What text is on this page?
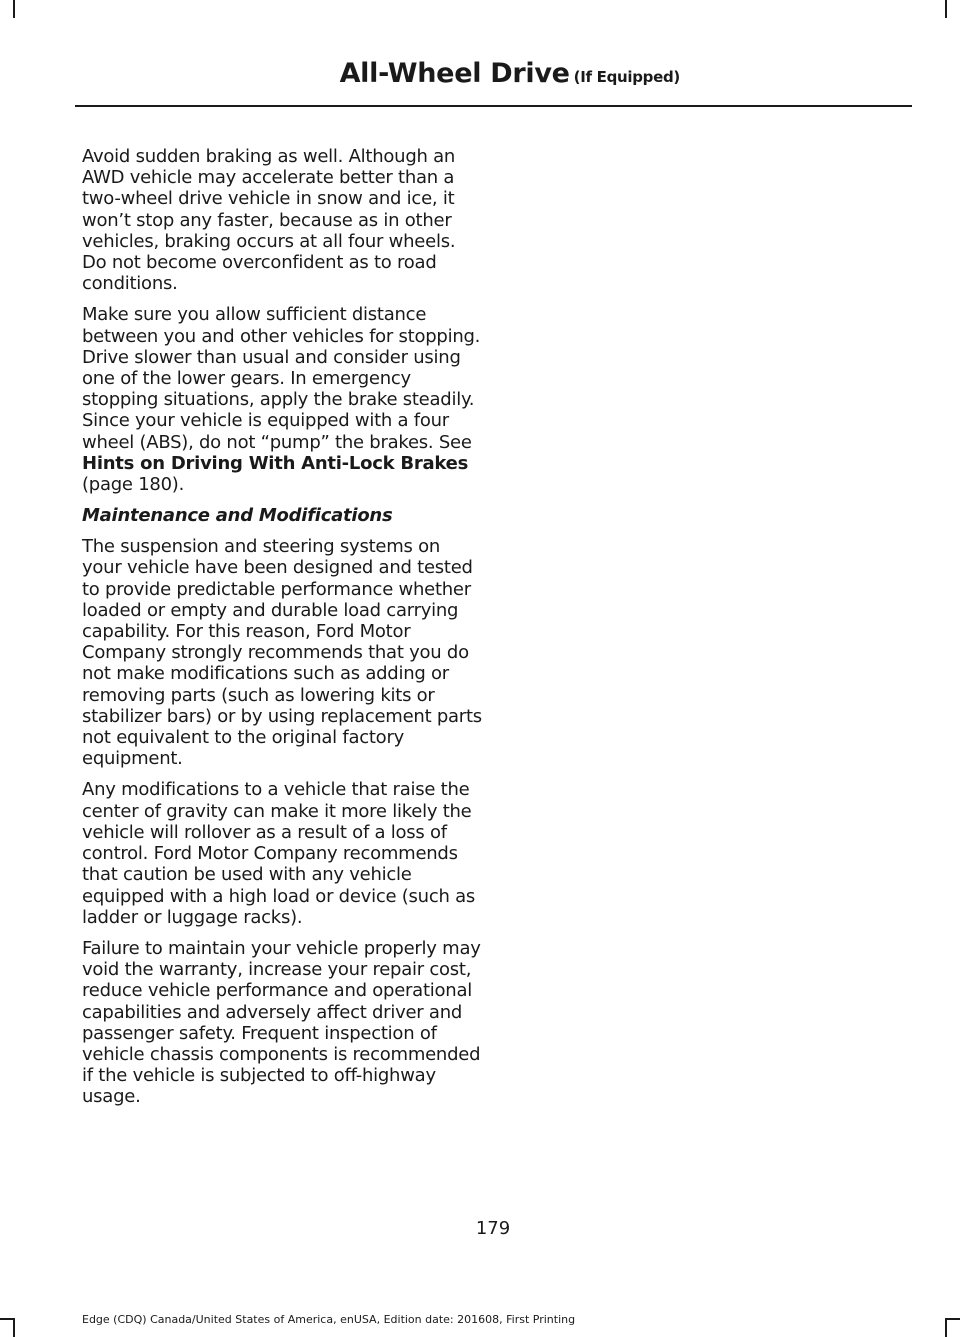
All-Wheel Drive (If Equipped)

Avoid sudden braking as well. Although an AWD vehicle may accelerate better than a two-wheel drive vehicle in snow and ice, it won’t stop any faster, because as in other vehicles, braking occurs at all four wheels. Do not become overconfident as to road conditions.

Make sure you allow sufficient distance between you and other vehicles for stopping. Drive slower than usual and consider using one of the lower gears. In emergency stopping situations, apply the brake steadily. Since your vehicle is equipped with a four wheel (ABS), do not “pump” the brakes. See Hints on Driving With Anti-Lock Brakes (page 180).

Maintenance and Modifications

The suspension and steering systems on your vehicle have been designed and tested to provide predictable performance whether loaded or empty and durable load carrying capability. For this reason, Ford Motor Company strongly recommends that you do not make modifications such as adding or removing parts (such as lowering kits or stabilizer bars) or by using replacement parts not equivalent to the original factory equipment.

Any modifications to a vehicle that raise the center of gravity can make it more likely the vehicle will rollover as a result of a loss of control. Ford Motor Company recommends that caution be used with any vehicle equipped with a high load or device (such as ladder or luggage racks).

Failure to maintain your vehicle properly may void the warranty, increase your repair cost, reduce vehicle performance and operational capabilities and adversely affect driver and passenger safety. Frequent inspection of vehicle chassis components is recommended if the vehicle is subjected to off-highway usage.

179
Edge (CDQ) Canada/United States of America, enUSA, Edition date: 201608, First Printing
